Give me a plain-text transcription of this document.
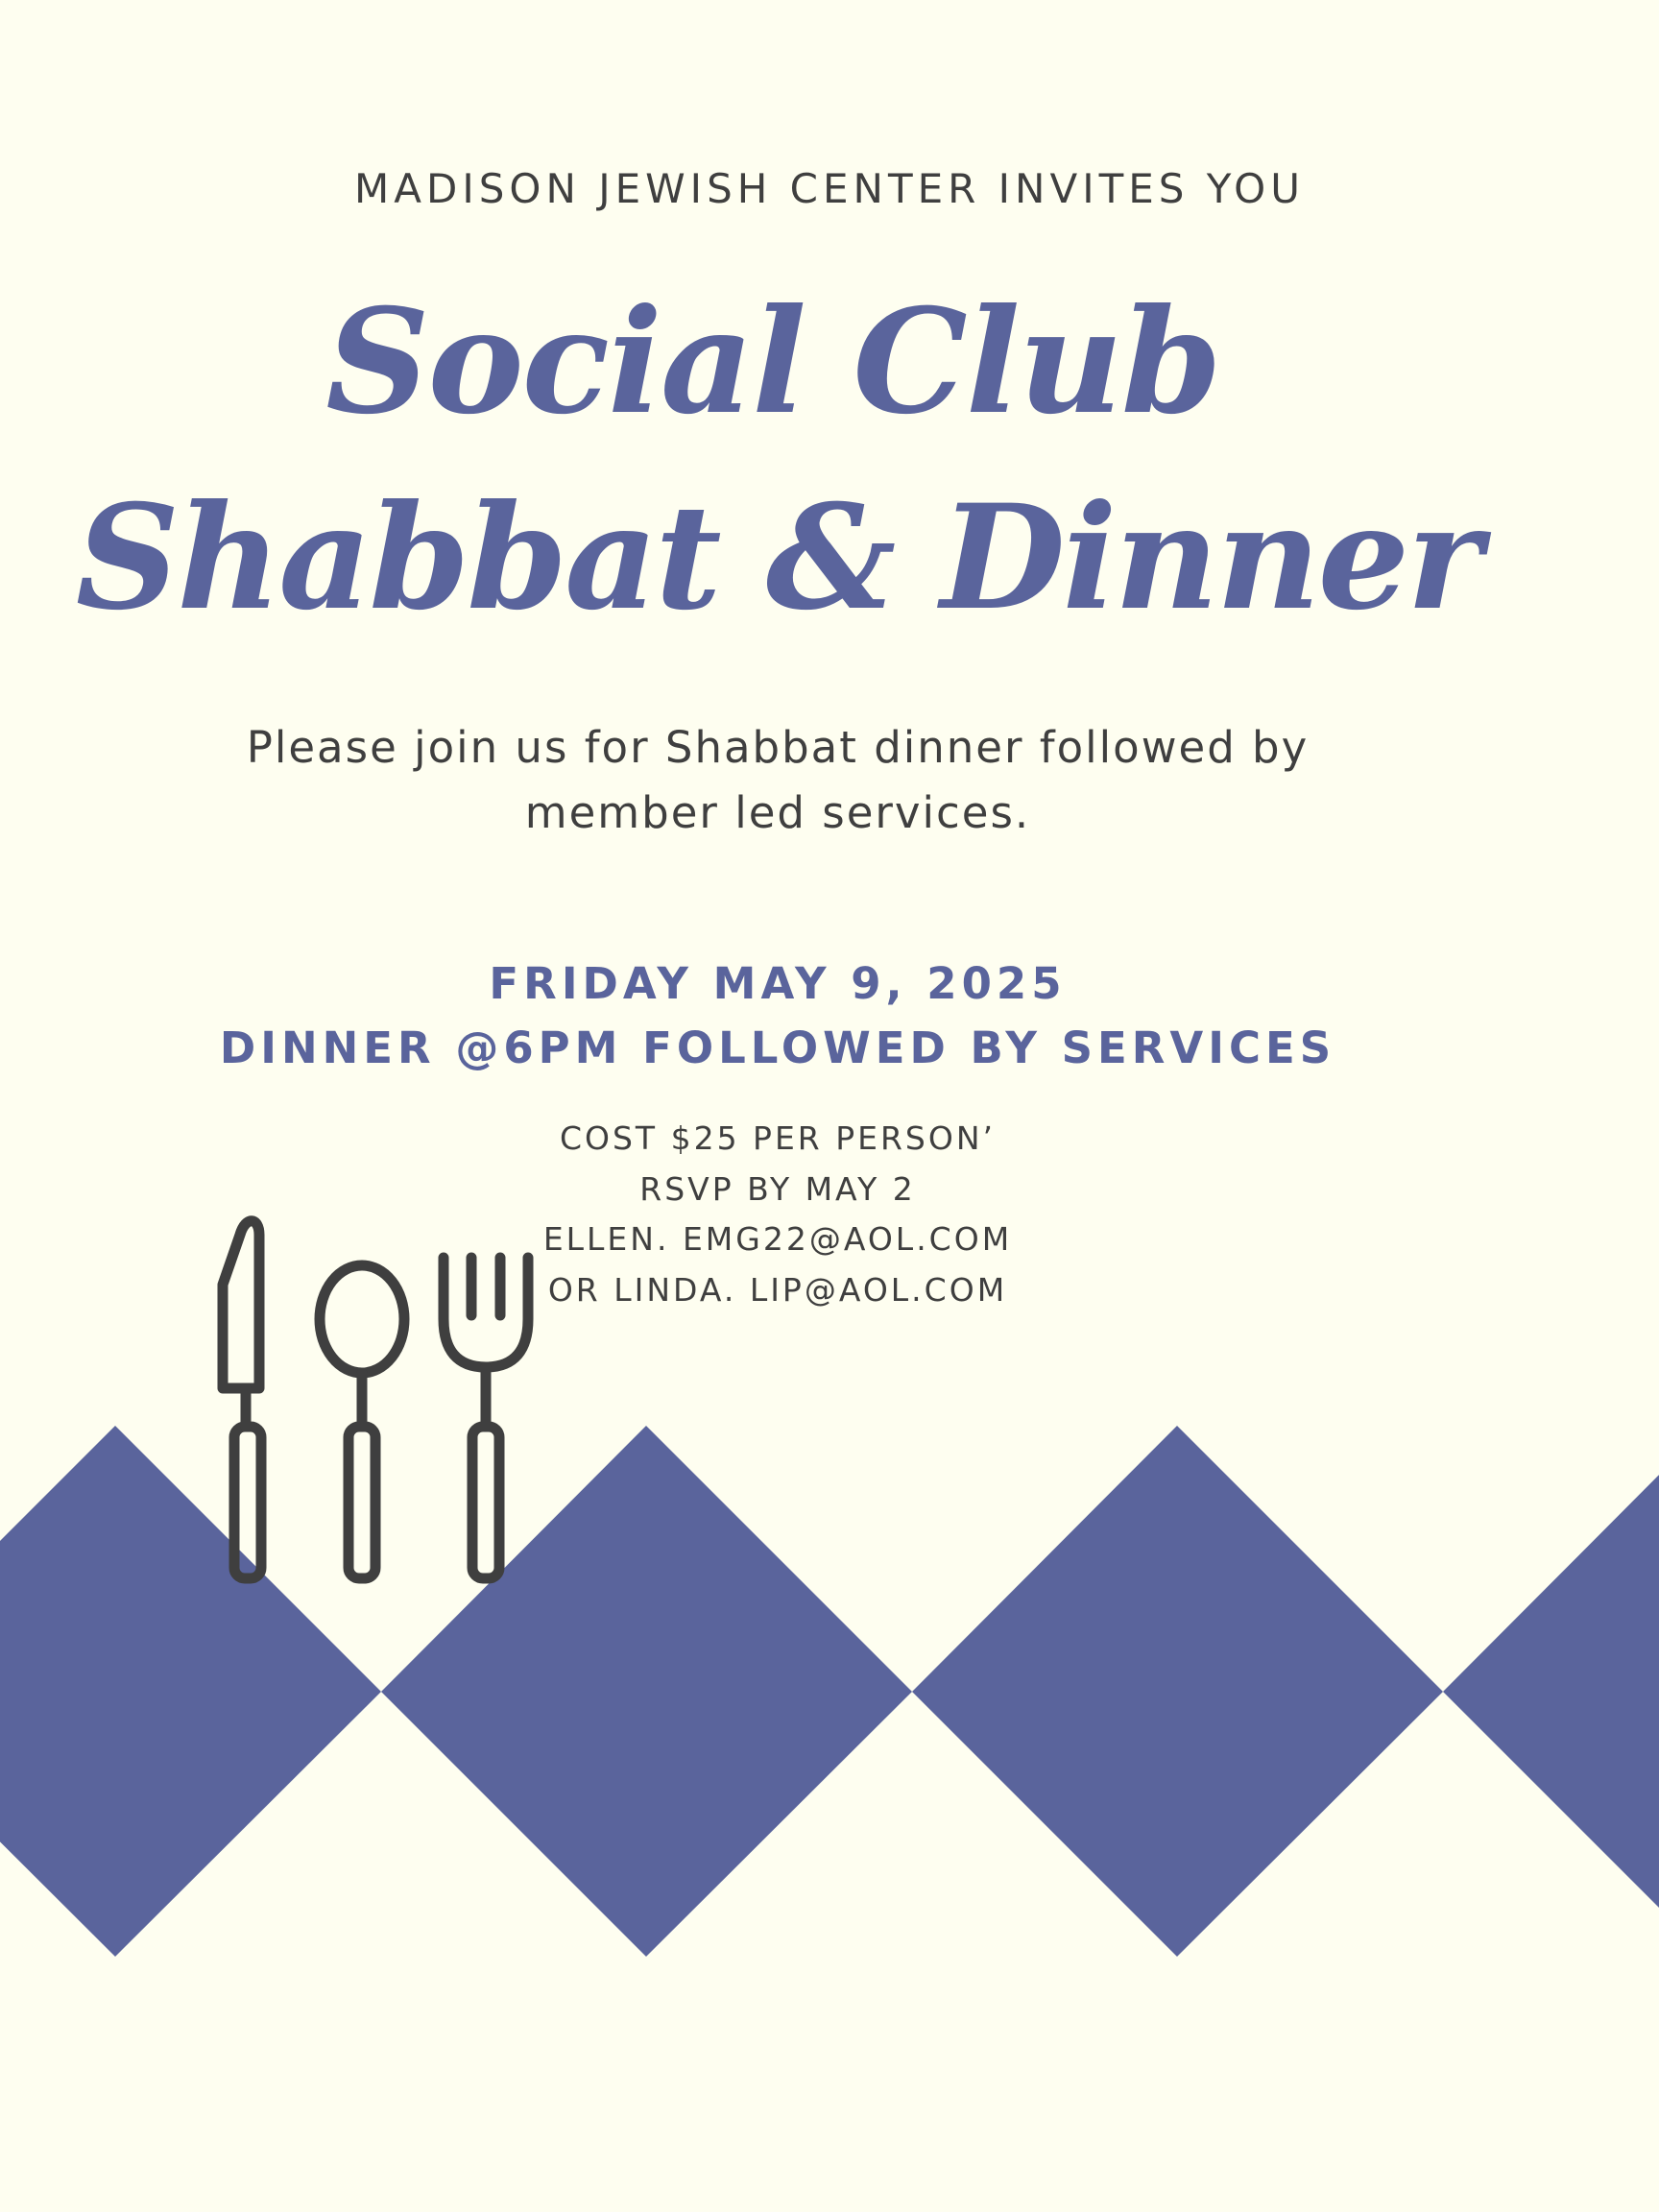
MADISON JEWISH CENTER INVITES YOU

Social Club
Shabbat & Dinner

Please join us for Shabbat dinner followed by
member led services.

FRIDAY MAY 9, 2025

DINNER @6PM FOLLOWED BY SERVICES

COST $25 PER PERSON’
RSVP BY MAY 2
ELLEN. EMG22@AOL.COM
OR LINDA. LIP@AOL.COM
